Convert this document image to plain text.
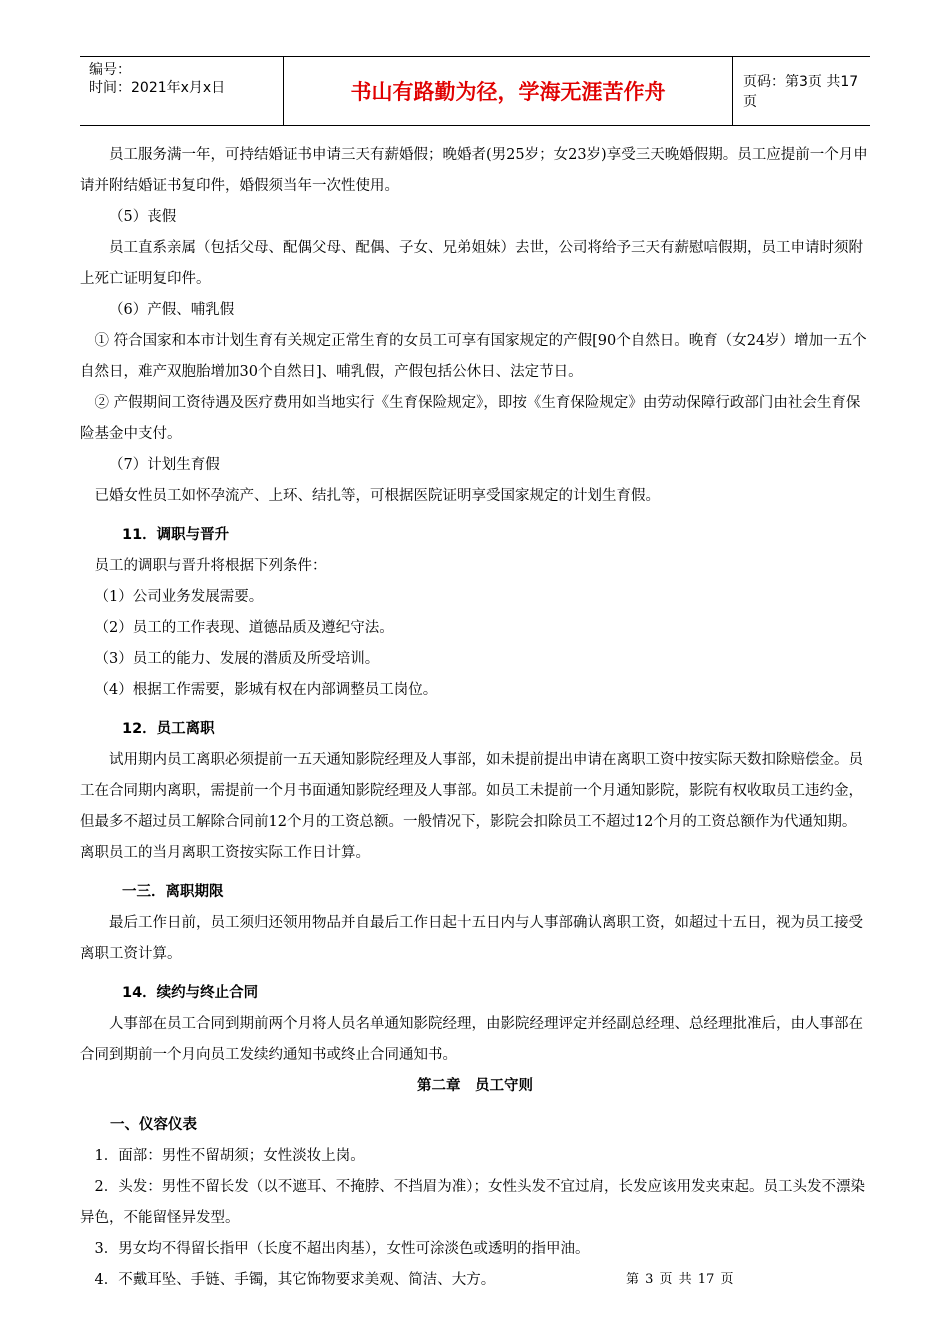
编号：
时间：2021年x月x日	书山有路勤为径，学海无涯苦作舟	页码：第3页 共17页

员工服务满一年，可持结婚证书申请三天有薪婚假；晚婚者(男25岁；女23岁)享受三天晚婚假期。员工应提前一个月申请并附结婚证书复印件，婚假须当年一次性使用。

（5）丧假

员工直系亲属（包括父母、配偶父母、配偶、子女、兄弟姐妹）去世，公司将给予三天有薪慰唁假期，员工申请时须附上死亡证明复印件。

（6）产假、哺乳假

① 符合国家和本市计划生育有关规定正常生育的女员工可享有国家规定的产假[90个自然日。晚育（女24岁）增加一五个自然日，难产双胞胎增加30个自然日]、哺乳假，产假包括公休日、法定节日。

② 产假期间工资待遇及医疗费用如当地实行《生育保险规定》，即按《生育保险规定》由劳动保障行政部门由社会生育保险基金中支付。

（7）计划生育假

已婚女性员工如怀孕流产、上环、结扎等，可根据医院证明享受国家规定的计划生育假。

11．调职与晋升

员工的调职与晋升将根据下列条件：

（1）公司业务发展需要。

（2）员工的工作表现、道德品质及遵纪守法。

（3）员工的能力、发展的潜质及所受培训。

（4）根据工作需要，影城有权在内部调整员工岗位。

12．员工离职

试用期内员工离职必须提前一五天通知影院经理及人事部，如未提前提出申请在离职工资中按实际天数扣除赔偿金。员工在合同期内离职，需提前一个月书面通知影院经理及人事部。如员工未提前一个月通知影院，影院有权收取员工违约金，但最多不超过员工解除合同前12个月的工资总额。一般情况下，影院会扣除员工不超过12个月的工资总额作为代通知期。离职员工的当月离职工资按实际工作日计算。

一三．离职期限

最后工作日前，员工须归还领用物品并自最后工作日起十五日内与人事部确认离职工资，如超过十五日，视为员工接受离职工资计算。

14．续约与终止合同

人事部在员工合同到期前两个月将人员名单通知影院经理，由影院经理评定并经副总经理、总经理批准后，由人事部在合同到期前一个月向员工发续约通知书或终止合同通知书。

第二章　员工守则

一、仪容仪表

1．面部：男性不留胡须；女性淡妆上岗。

2．头发：男性不留长发（以不遮耳、不掩脖、不挡眉为准）；女性头发不宜过肩，长发应该用发夹束起。员工头发不漂染异色，不能留怪异发型。

3．男女均不得留长指甲（长度不超出肉基），女性可涂淡色或透明的指甲油。

4．不戴耳坠、手链、手镯，其它饰物要求美观、简洁、大方。	第 3 页 共 17 页
